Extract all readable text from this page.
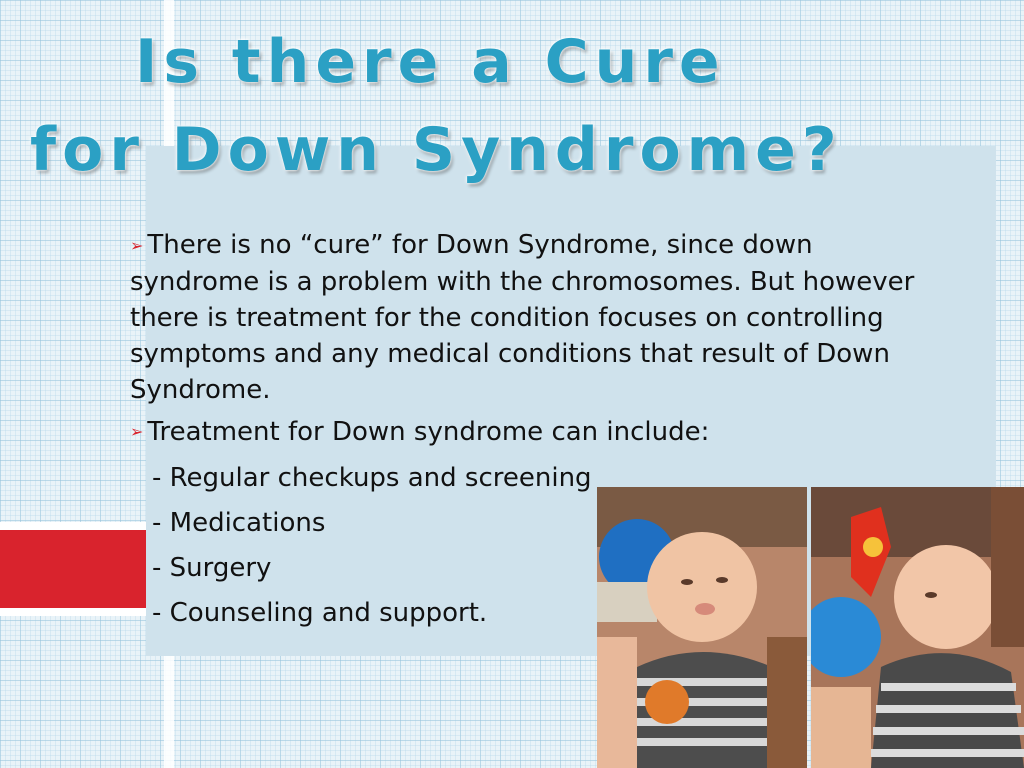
Is there a Cure
for Down Syndrome?

➢ There is no “cure” for Down Syndrome, since down syndrome is a problem with the chromosomes. But however there is treatment for the condition focuses on controlling symptoms and any medical conditions that result of Down Syndrome.

➢ Treatment for Down syndrome can include:

- Regular checkups and screening
- Medications
- Surgery
- Counseling and support.
